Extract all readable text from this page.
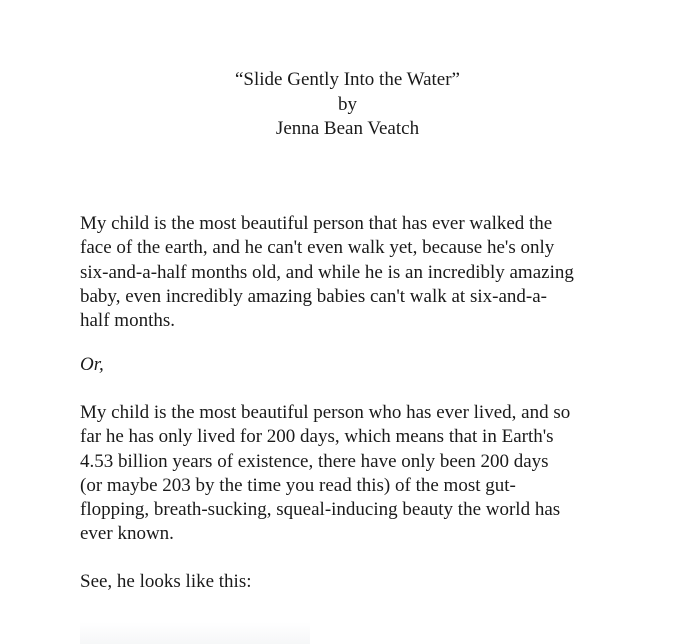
“Slide Gently Into the Water”
by
Jenna Bean Veatch
My child is the most beautiful person that has ever walked the
face of the earth, and he can't even walk yet, because he's only
six-and-a-half months old, and while he is an incredibly amazing
baby, even incredibly amazing babies can't walk at six-and-a-
half months.
Or,
My child is the most beautiful person who has ever lived, and so
far he has only lived for 200 days, which means that in Earth's
4.53 billion years of existence, there have only been 200 days
(or maybe 203 by the time you read this) of the most gut-
flopping, breath-sucking, squeal-inducing beauty the world has
ever known.
See, he looks like this:
